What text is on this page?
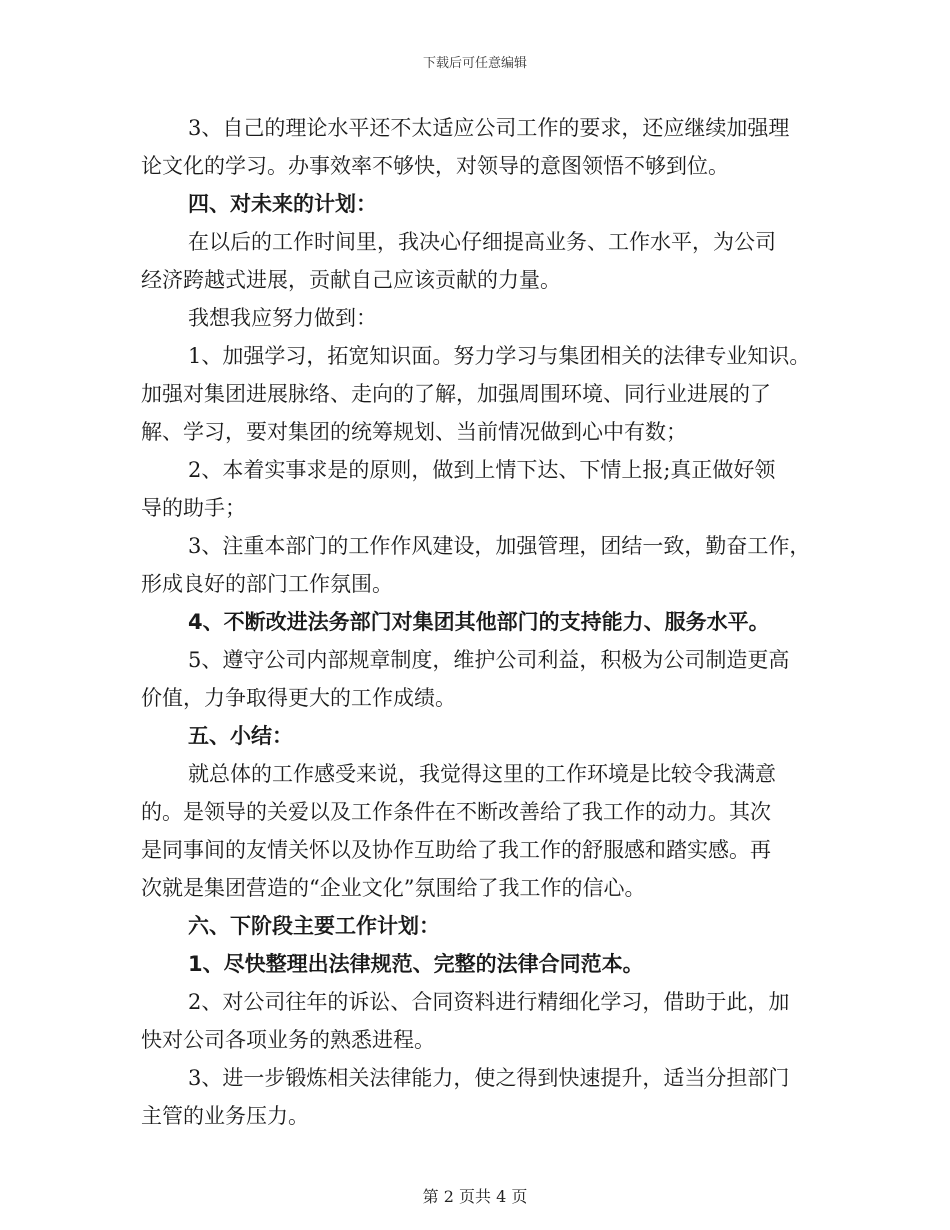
下载后可任意编辑
3、自己的理论水平还不太适应公司工作的要求，还应继续加强理
论文化的学习。办事效率不够快，对领导的意图领悟不够到位。
四、对未来的计划：
在以后的工作时间里，我决心仔细提高业务、工作水平，为公司
经济跨越式进展，贡献自己应该贡献的力量。
我想我应努力做到：
1、加强学习，拓宽知识面。努力学习与集团相关的法律专业知识。
加强对集团进展脉络、走向的了解，加强周围环境、同行业进展的了
解、学习，要对集团的统筹规划、当前情况做到心中有数；
2、本着实事求是的原则，做到上情下达、下情上报;真正做好领
导的助手；
3、注重本部门的工作作风建设，加强管理，团结一致，勤奋工作，
形成良好的部门工作氛围。
4、不断改进法务部门对集团其他部门的支持能力、服务水平。
5、遵守公司内部规章制度，维护公司利益，积极为公司制造更高
价值，力争取得更大的工作成绩。
五、小结：
就总体的工作感受来说，我觉得这里的工作环境是比较令我满意
的。是领导的关爱以及工作条件在不断改善给了我工作的动力。其次
是同事间的友情关怀以及协作互助给了我工作的舒服感和踏实感。再
次就是集团营造的“企业文化”氛围给了我工作的信心。
六、下阶段主要工作计划：
1、尽快整理出法律规范、完整的法律合同范本。
2、对公司往年的诉讼、合同资料进行精细化学习，借助于此，加
快对公司各项业务的熟悉进程。
3、进一步锻炼相关法律能力，使之得到快速提升，适当分担部门
主管的业务压力。
第 2 页共 4 页
